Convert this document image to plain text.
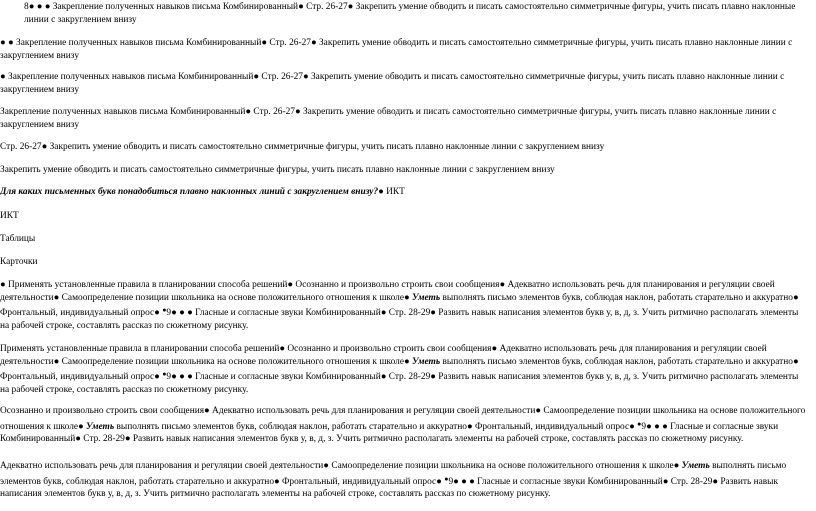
8● ● ● Закрепление полученных навыков письма Комбинированный● Стр. 26-27● Закрепить умение обводить и писать самостоятельно симметричные фигуры, учить писать плавно наклонные линии с закруглением внизу

● ● Закрепление полученных навыков письма Комбинированный● Стр. 26-27● Закрепить умение обводить и писать самостоятельно симметричные фигуры, учить писать плавно наклонные линии с закруглением внизу

● Закрепление полученных навыков письма Комбинированный● Стр. 26-27● Закрепить умение обводить и писать самостоятельно симметричные фигуры, учить писать плавно наклонные линии с закруглением внизу

Закрепление полученных навыков письма Комбинированный● Стр. 26-27● Закрепить умение обводить и писать самостоятельно симметричные фигуры, учить писать плавно наклонные линии с закруглением внизу

Стр. 26-27● Закрепить умение обводить и писать самостоятельно симметричные фигуры, учить писать плавно наклонные линии с закруглением внизу

Закрепить умение обводить и писать самостоятельно симметричные фигуры, учить писать плавно наклонные линии с закруглением внизу

Для каких письменных букв понадобиться плавно наклонных линий с закруглением внизу?● ИКТ

ИКТ

Таблицы

Карточки

● Применять установленные правила в планировании способа решений● Осознанно и произвольно строить свои сообщения● Адекватно использовать речь для планирования и регуляции своей деятельности● Самоопределение позиции школьника на основе положительного отношения к школе● Уметь выполнять письмо элементов букв, соблюдая наклон, работать старательно и аккуратно● Фронтальный, индивидуальный опрос● ●9● ● ● Гласные и согласные звуки Комбинированный● Стр. 28-29● Развить навык написания элементов букв у, в, д, з. Учить ритмично располагать элементы на рабочей строке, составлять рассказ по сюжетному рисунку.

Применять установленные правила в планировании способа решений● Осознанно и произвольно строить свои сообщения● Адекватно использовать речь для планирования и регуляции своей деятельности● Самоопределение позиции школьника на основе положительного отношения к школе● Уметь выполнять письмо элементов букв, соблюдая наклон, работать старательно и аккуратно● Фронтальный, индивидуальный опрос● ●9● ● ● Гласные и согласные звуки Комбинированный● Стр. 28-29● Развить навык написания элементов букв у, в, д, з. Учить ритмично располагать элементы на рабочей строке, составлять рассказ по сюжетному рисунку.

Осознанно и произвольно строить свои сообщения● Адекватно использовать речь для планирования и регуляции своей деятельности● Самоопределение позиции школьника на основе положительного отношения к школе● Уметь выполнять письмо элементов букв, соблюдая наклон, работать старательно и аккуратно● Фронтальный, индивидуальный опрос● ●9● ● ● Гласные и согласные звуки Комбинированный● Стр. 28-29● Развить навык написания элементов букв у, в, д, з. Учить ритмично располагать элементы на рабочей строке, составлять рассказ по сюжетному рисунку.

Адекватно использовать речь для планирования и регуляции своей деятельности● Самоопределение позиции школьника на основе положительного отношения к школе● Уметь выполнять письмо элементов букв, соблюдая наклон, работать старательно и аккуратно● Фронтальный, индивидуальный опрос● ●9● ● ● Гласные и согласные звуки Комбинированный● Стр. 28-29● Развить навык написания элементов букв у, в, д, з. Учить ритмично располагать элементы на рабочей строке, составлять рассказ по сюжетному рисунку.
